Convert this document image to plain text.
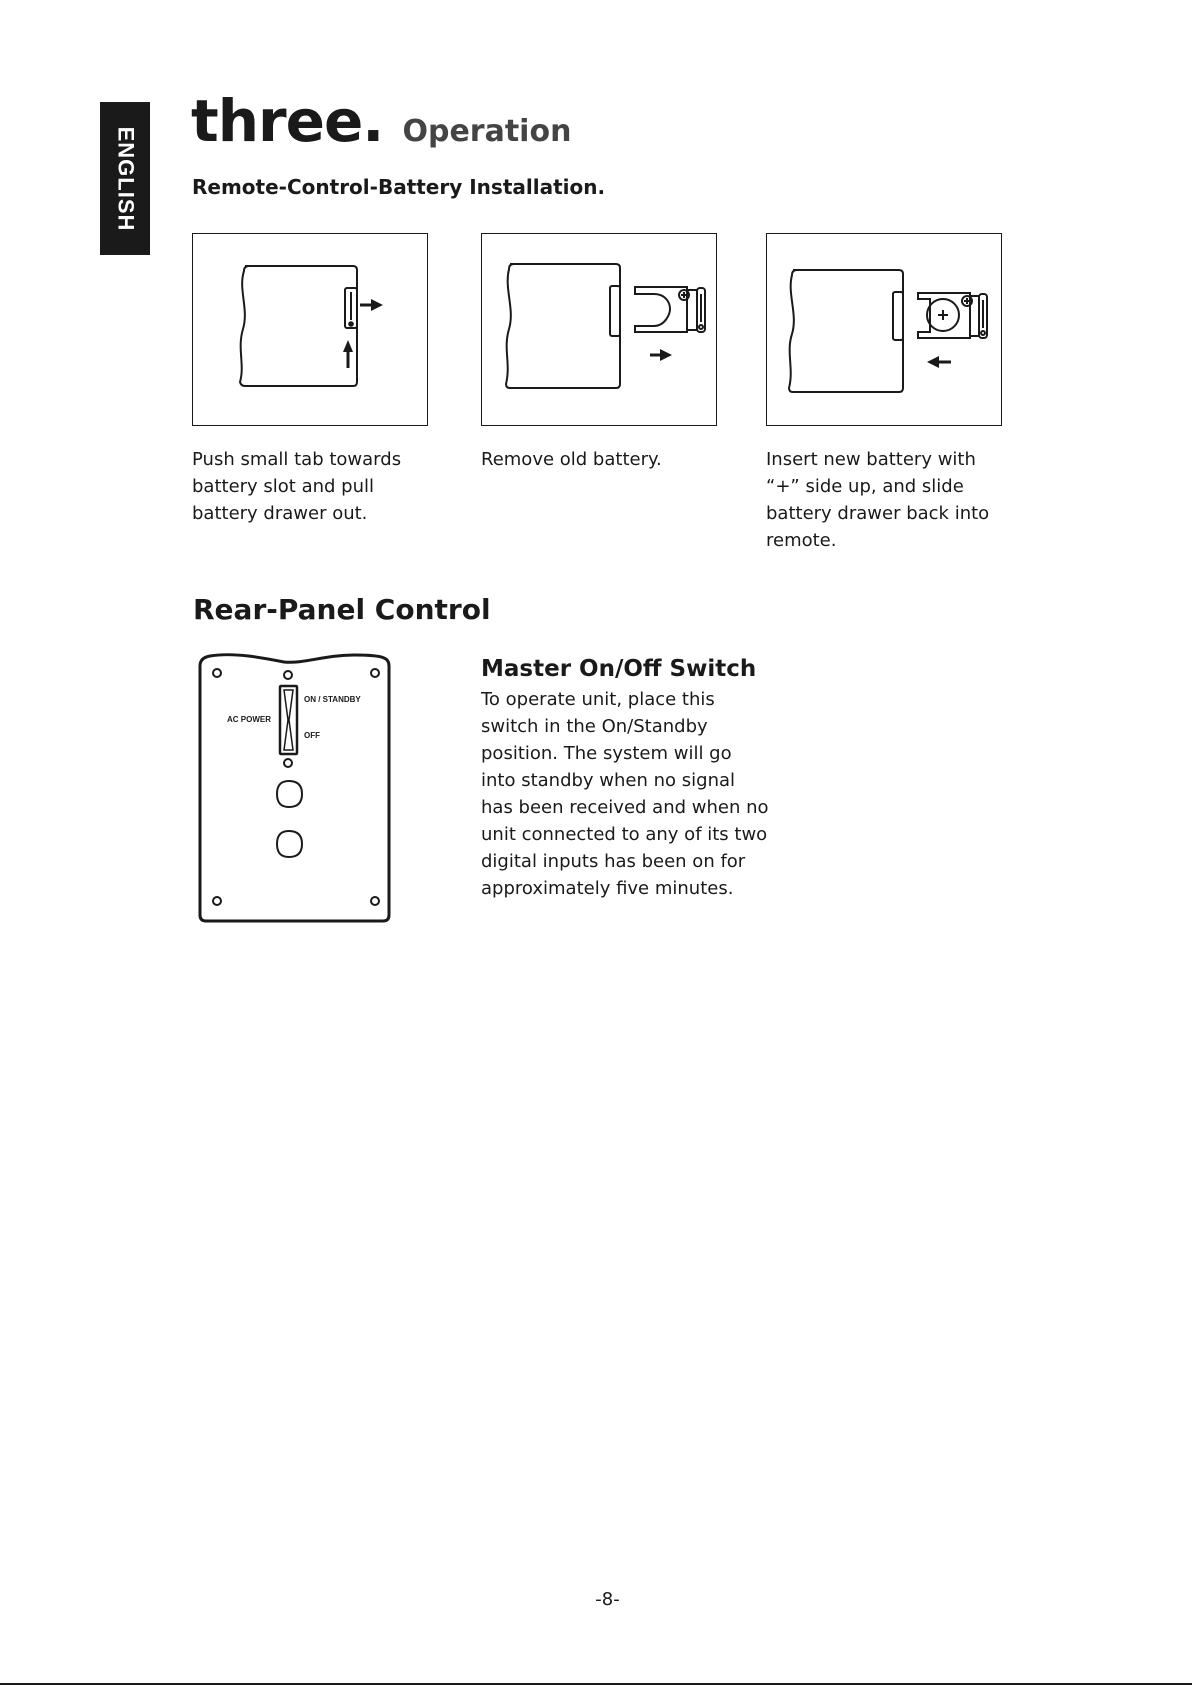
ENGLISH
three. Operation
Remote-Control-Battery Installation.

Push small tab towards battery slot and pull battery drawer out.

Remove old battery.	Insert new battery with “+” side up, and slide battery drawer back into remote.

Rear-Panel Control
ON / STANDBY
AC POWER
OFF
Master On/Off Switch

To operate unit, place this switch in the On/Standby position. The system will go into standby when no signal has been received and when no unit connected to any of its two digital inputs has been on for approximately five minutes.

-8-
